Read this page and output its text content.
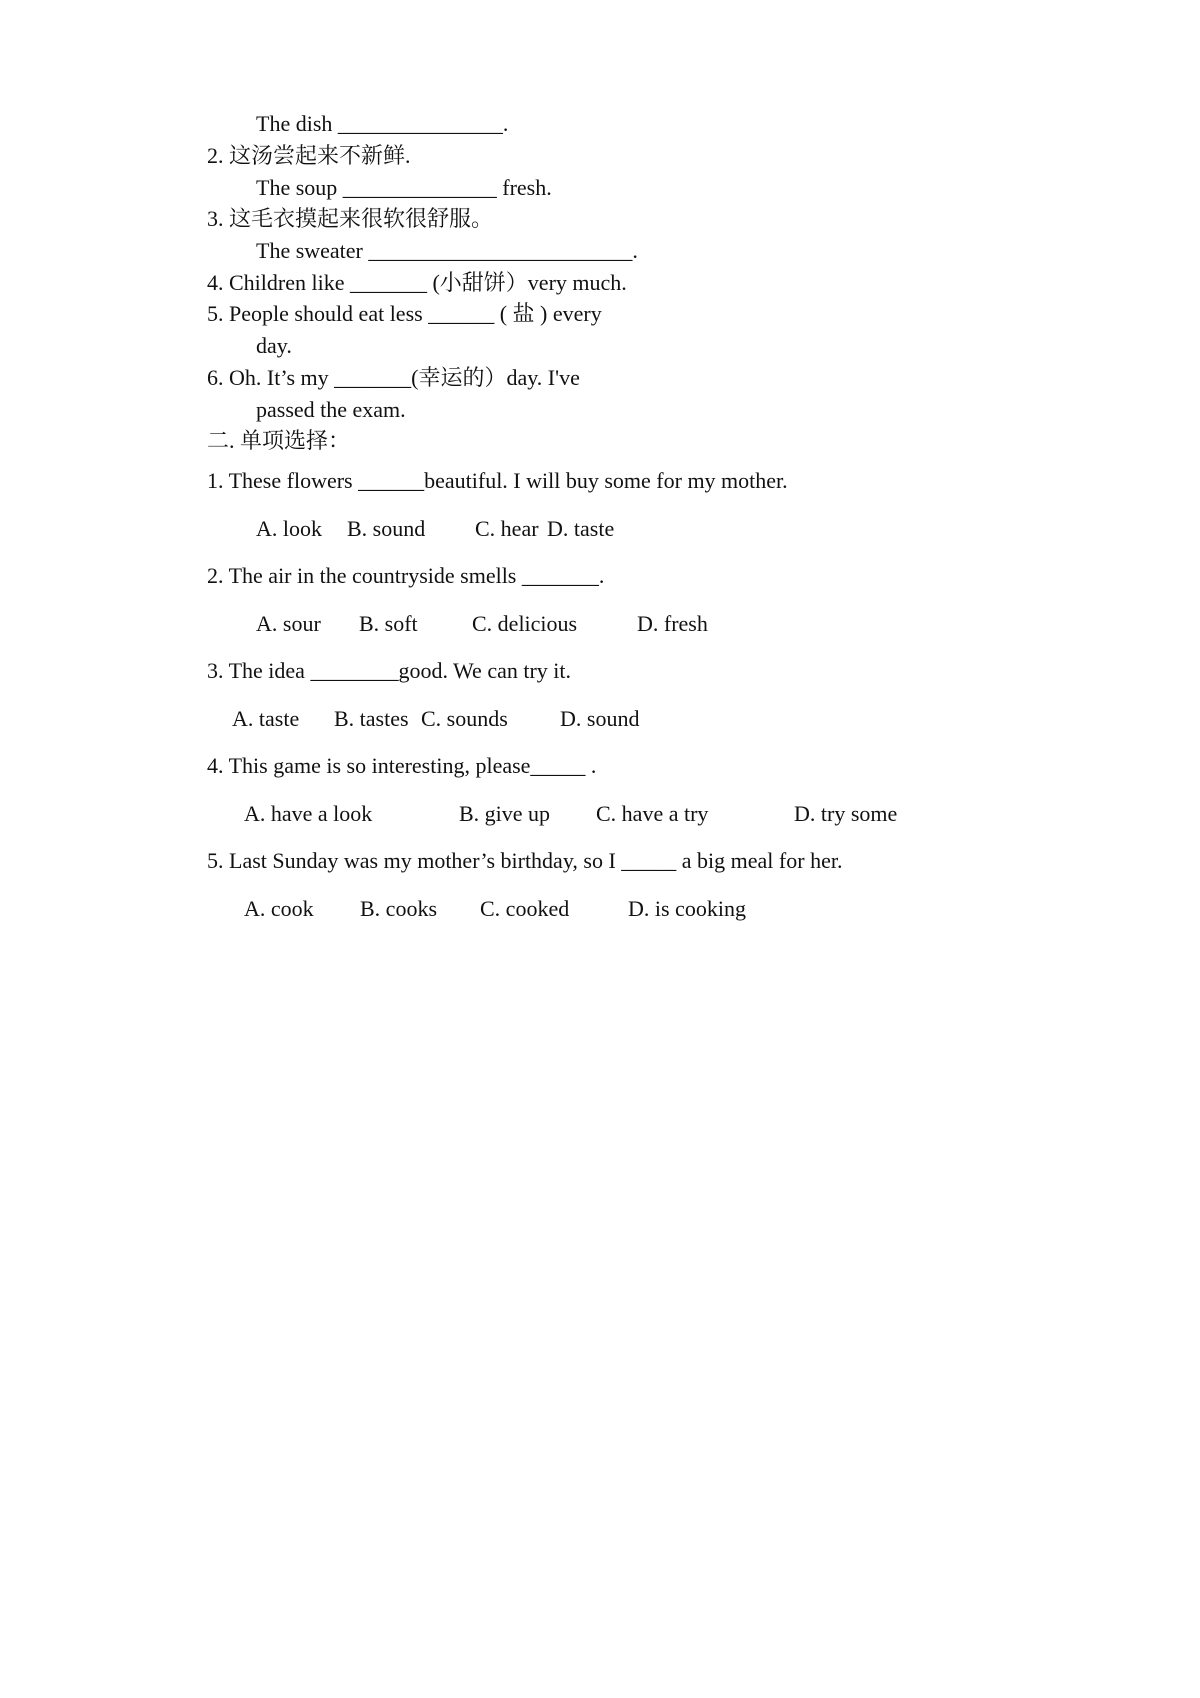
The dish _______________.
2. 这汤尝起来不新鲜.
The soup ______________ fresh.
3. 这毛衣摸起来很软很舒服。
The sweater ________________________.
4. Children like _______ (小甜饼）very much.
5. People should eat less ______ ( 盐 ) every
day.
6. Oh. It’s my _______(幸运的）day. I've
passed the exam.
二. 单项选择：
1. These flowers ______beautiful. I will buy some for my mother.
A. look B. sound C. hear D. taste
2. The air in the countryside smells _______.
A. sour B. soft C. delicious	D. fresh
3. The idea ________good. We can try it.
A. taste B. tastes C. sounds D. sound
4. This game is so interesting, please_____ .
A. have a look	B. give up C. have a try	D. try some
5. Last Sunday was my mother’s birthday, so I _____ a big meal for her.
A. cook B. cooks C. cooked	D. is cooking
